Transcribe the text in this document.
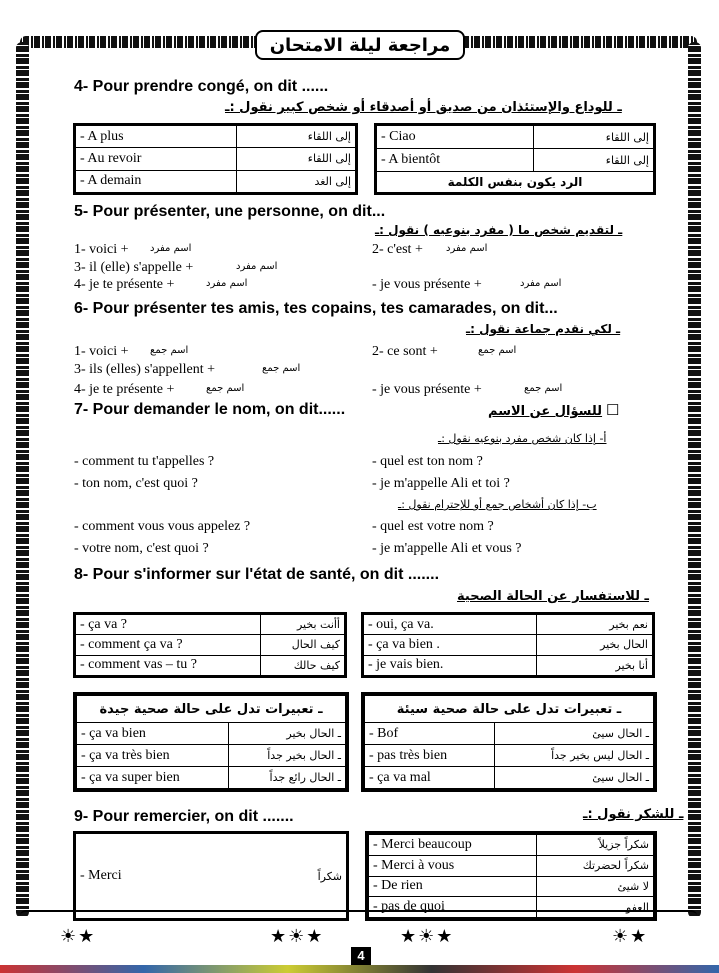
مراجعة ليلة الامتحان
4- Pour prendre congé, on dit ......
ـ للوداع والإستئذان من صديق أو أصدقاء أو شخص كبير نقول :ـ
- A plus	إلى اللقاء
- Au revoir	إلى اللقاء
- A demain	إلى الغد
- Ciao	إلى اللقاء
- A bientôt	إلى اللقاء
الرد يكون بنفس الكلمة	
5- Pour présenter, une personne, on dit...
ـ لتقديم شخص ما ( مفرد بنوعيه ) نقول :ـ
1- voici + اسم مفرد	2- c'est + اسم مفرد
3- il (elle) s'appelle +	اسم مفرد
4- je te présente +	اسم مفرد	- je vous présente +	اسم مفرد
6- Pour présenter tes amis, tes copains, tes camarades, on dit...
ـ لكي نقدم جماعة نقول :ـ
1- voici + اسم جمع	2- ce sont +	اسم جمع
3- ils (elles) s'appellent +	اسم جمع
4- je te présente +	اسم جمع	- je vous présente +	اسم جمع
7- Pour demander le nom, on dit......	للسؤال عن الاسم ☐
أ- إذا كان شخص مفرد بنوعيه نقول :ـ
- comment tu t'appelles ?	- quel est ton nom ?
- ton nom, c'est quoi ?	- je m'appelle Ali et toi ?
ب- إذا كان أشخاص جمع أو للإحترام نقول :ـ
- comment vous vous appelez ?	- quel est votre nom ?
- votre nom, c'est quoi ?	- je m'appelle Ali et vous ?
8- Pour s'informer sur l'état de santé, on dit .......
ـ للاستفسار عن الحالة الصحية
- ça va ?	أأنت بخير
- comment ça va ?	كيف الحال
- comment vas – tu ?	كيف حالك
- oui, ça va.	نعم بخير
- ça va bien .	الحال بخير
- je vais bien.	أنا بخير
ـ تعبيرات تدل على حالة صحية جيدة	
- ça va bien	ـ الحال بخير
- ça va très bien	ـ الحال بخير جداً
- ça va super bien	ـ الحال رائع جداً
ـ تعبيرات تدل على حالة صحية سيئة	
- Bof	ـ الحال سيئ
- pas très bien	ـ الحال ليس بخير جداً
- ça va mal	ـ الحال سيئ
9- Pour remercier, on dit .......	ـ للشكر نقول :ـ
- Merci	شكراً
- Merci beaucoup	شكراً جزيلاً
- Merci à vous	شكراً لحضرتك
- De rien	لا شيئ
- pas de quoi	العفو
☀★	★☀★	★☀★	☀★
4
